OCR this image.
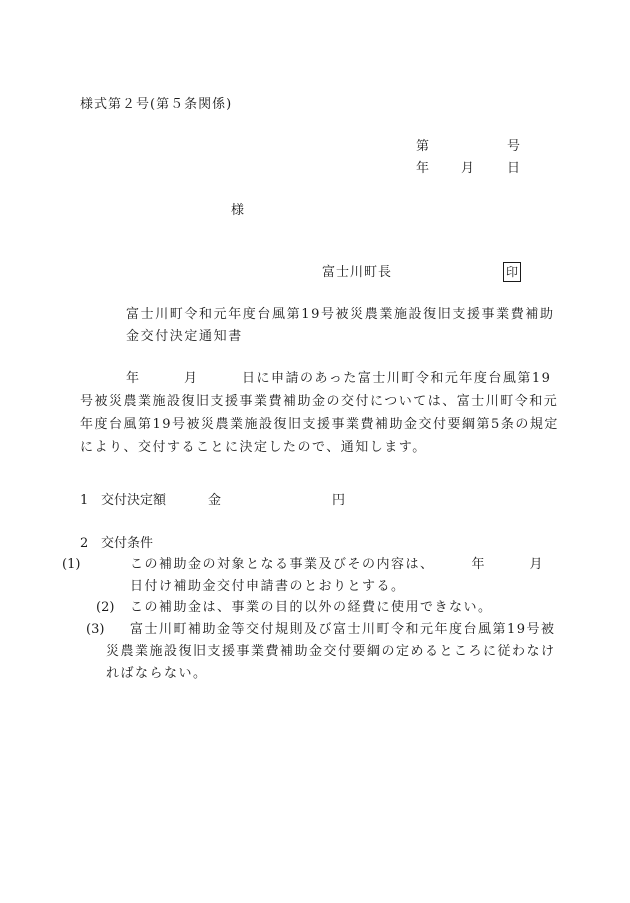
様式第２号(第５条関係)
第	号
年 月	日
様
富士川町長	印
富士川町令和元年度台風第19号被災農業施設復旧支援事業費補助金交付決定通知書
年　　　月　　　日に申請のあった富士川町令和元年度台風第19号被災農業施設復旧支援事業費補助金の交付については、富士川町令和元年度台風第19号被災農業施設復旧支援事業費補助金交付要綱第5条の規定により、交付することに決定したので、通知します。
1 交付決定額	金	円
2 交付条件
(1)	この補助金の対象となる事業及びその内容は、　　　年　　　月日付け補助金交付申請書のとおりとする。
(2) この補助金は、事業の目的以外の経費に使用できない。
(3) 富士川町補助金等交付規則及び富士川町令和元年度台風第19号被災農業施設復旧支援事業費補助金交付要綱の定めるところに従わなければならない。
